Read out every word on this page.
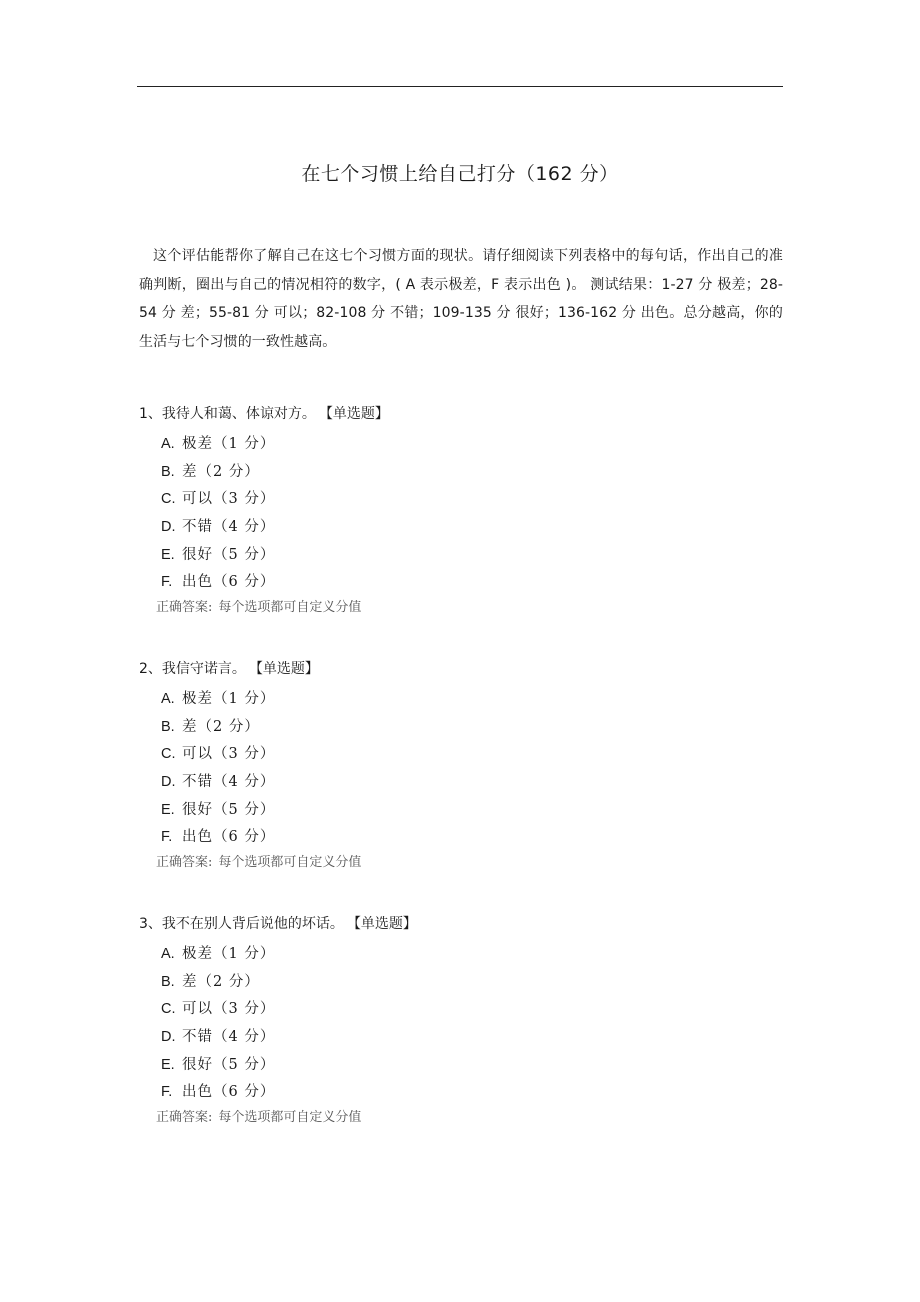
在七个习惯上给自己打分（162 分）

这个评估能帮你了解自己在这七个习惯方面的现状。请仔细阅读下列表格中的每句话，作出自己的准确判断，圈出与自己的情况相符的数字，( A 表示极差，F 表示出色 )。 测试结果：1-27 分 极差；28-54 分 差；55-81 分 可以；82-108 分 不错；109-135 分 很好；136-162 分 出色。总分越高，你的生活与七个习惯的一致性越高。

1、我待人和蔼、体谅对方。 【单选题】
A. 极差（1 分）
B. 差（2 分）
C. 可以（3 分）
D. 不错（4 分）
E. 很好（5 分）
F. 出色（6 分）
正确答案: 每个选项都可自定义分值
2、我信守诺言。 【单选题】
A. 极差（1 分）
B. 差（2 分）
C. 可以（3 分）
D. 不错（4 分）
E. 很好（5 分）
F. 出色（6 分）
正确答案: 每个选项都可自定义分值
3、我不在别人背后说他的坏话。 【单选题】
A. 极差（1 分）
B. 差（2 分）
C. 可以（3 分）
D. 不错（4 分）
E. 很好（5 分）
F. 出色（6 分）
正确答案: 每个选项都可自定义分值
